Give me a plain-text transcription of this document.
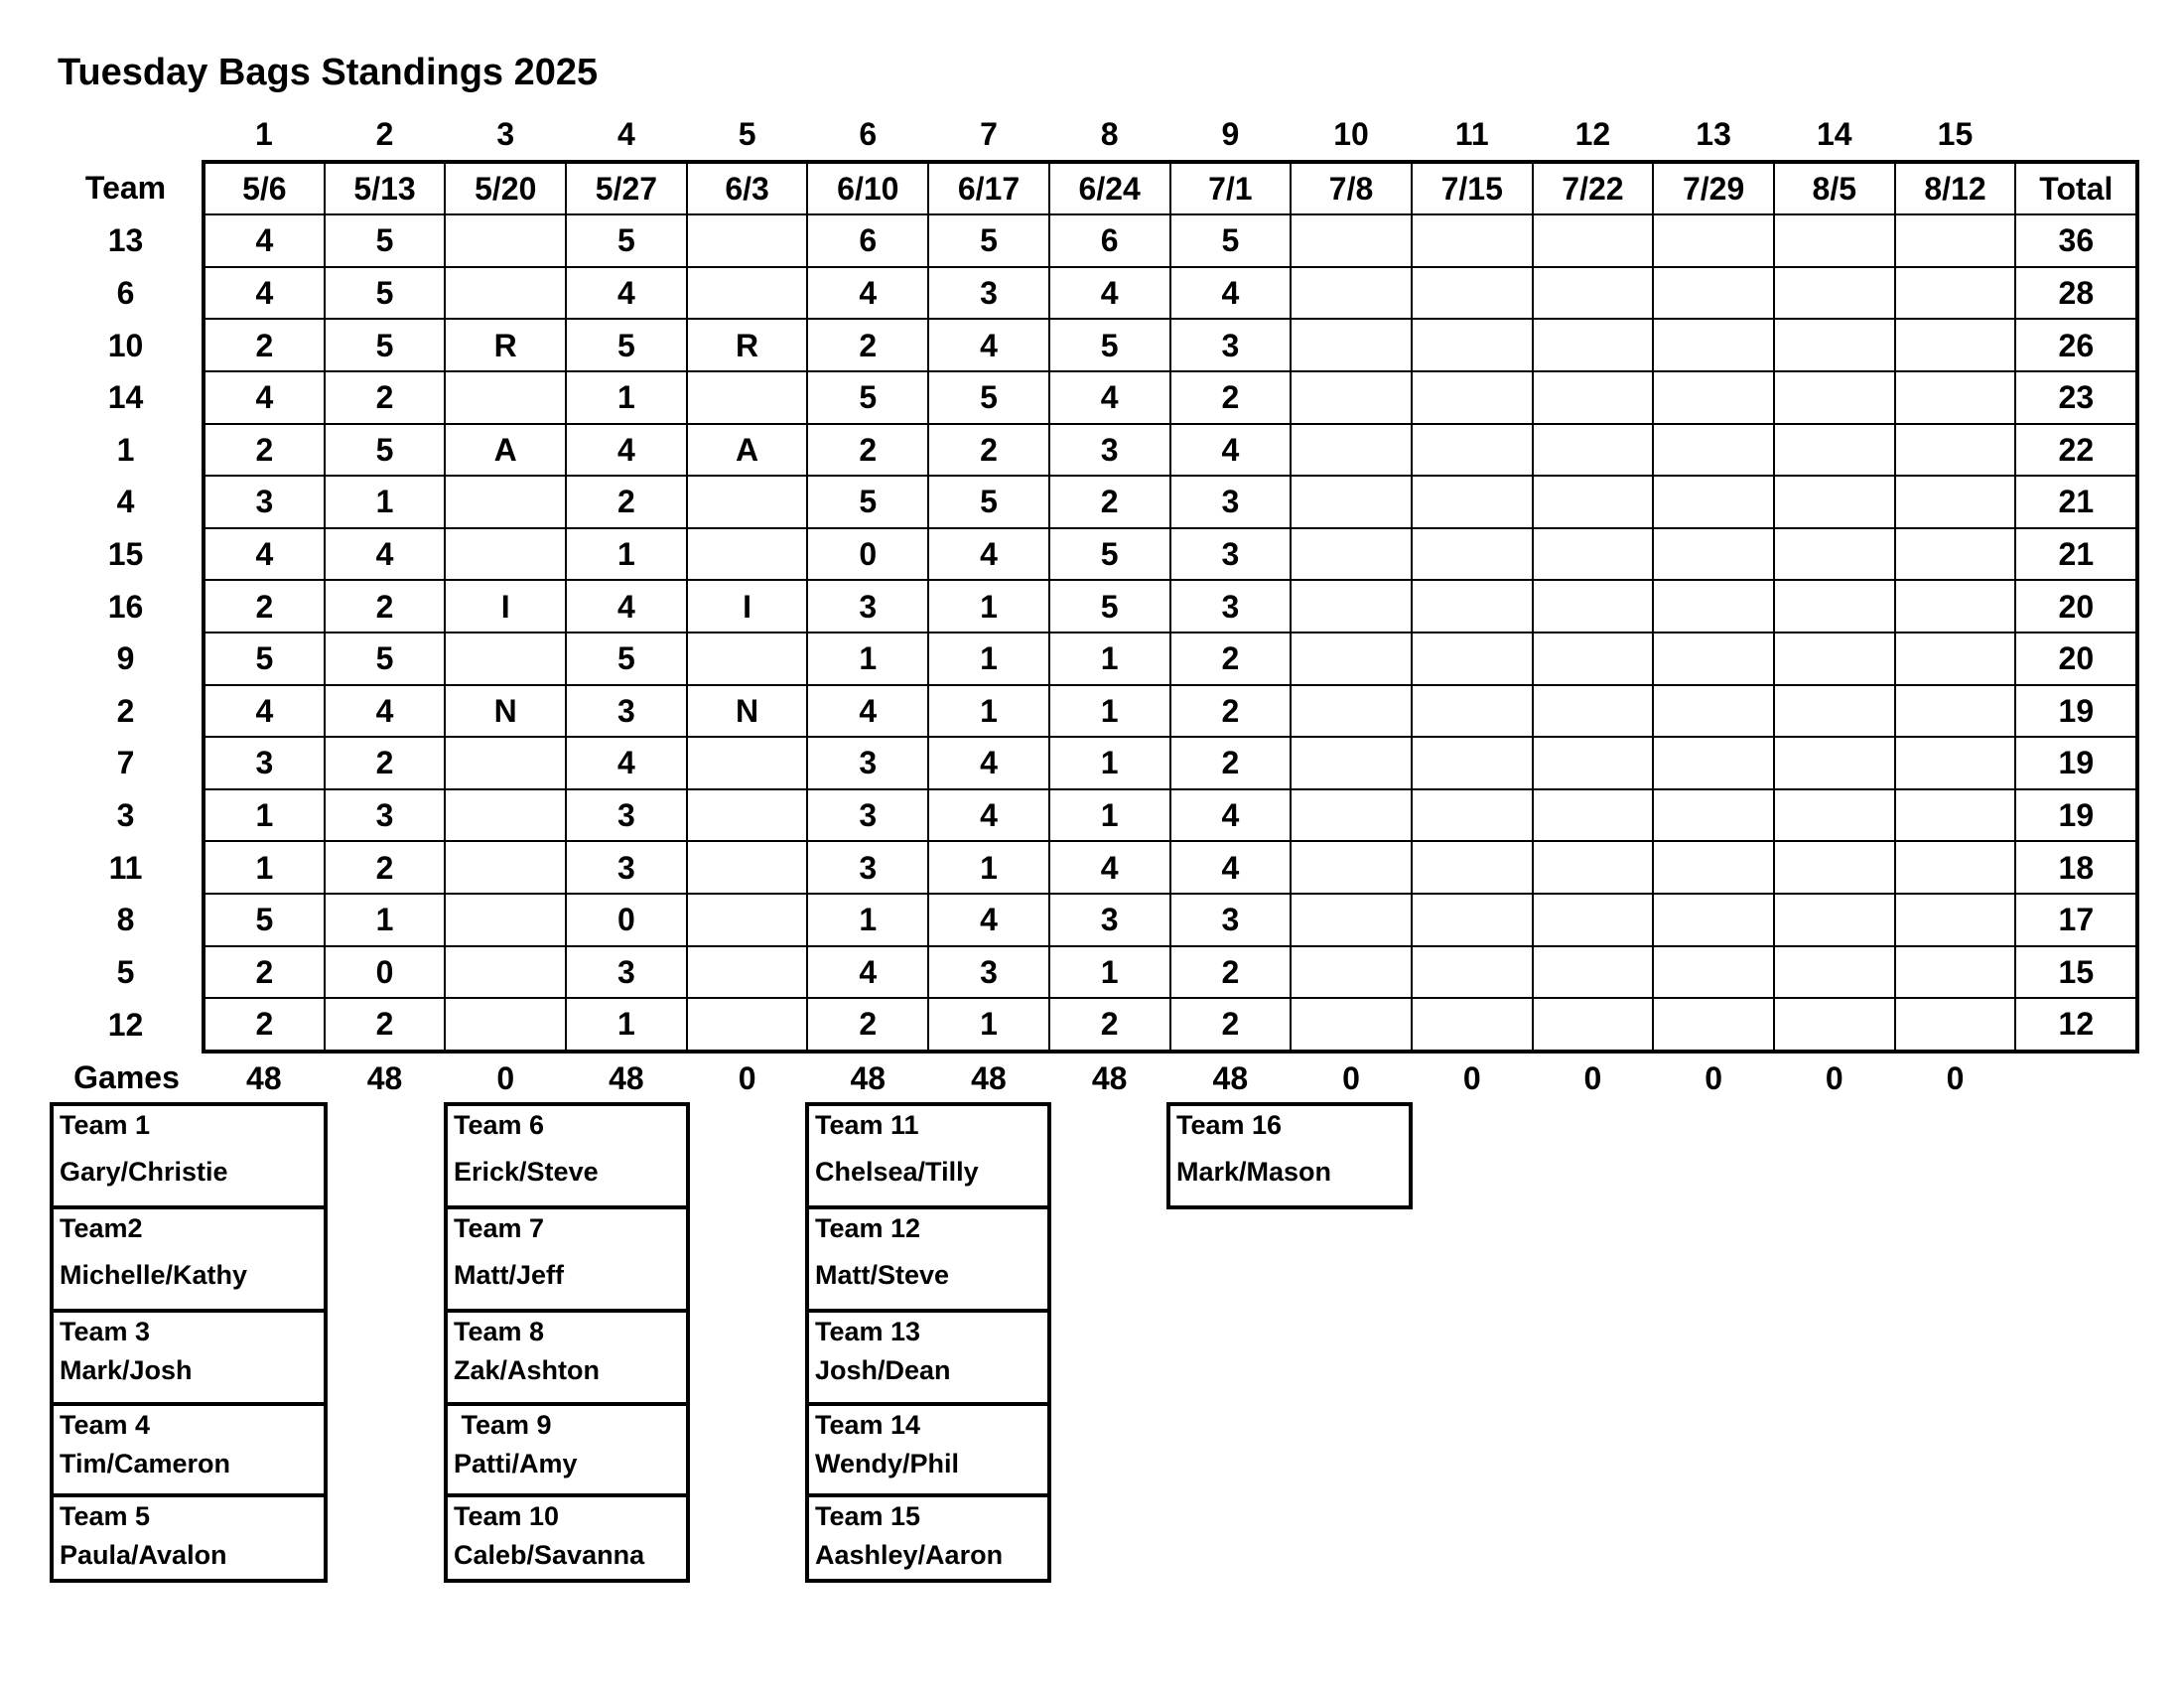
Tuesday Bags Standings 2025
	1	2	3	4	5	6	7	8	9	10	11	12	13	14	15	
Team	5/6	5/13	5/20	5/27	6/3	6/10	6/17	6/24	7/1	7/8	7/15	7/22	7/29	8/5	8/12	Total
13	4	5		5		6	5	6	5							36
6	4	5		4		4	3	4	4							28
10	2	5	R	5	R	2	4	5	3							26
14	4	2		1		5	5	4	2							23
1	2	5	A	4	A	2	2	3	4							22
4	3	1		2		5	5	2	3							21
15	4	4		1		0	4	5	3							21
16	2	2	I	4	I	3	1	5	3							20
9	5	5		5		1	1	1	2							20
2	4	4	N	3	N	4	1	1	2							19
7	3	2		4		3	4	1	2							19
3	1	3		3		3	4	1	4							19
11	1	2		3		3	1	4	4							18
8	5	1		0		1	4	3	3							17
5	2	0		3		4	3	1	2							15
12	2	2		1		2	1	2	2							12
Games	48	48	0	48	0	48	48	48	48	0	0	0	0	0	0	
Team 1
Gary/Christie
Team2
Michelle/Kathy
Team 3
Mark/Josh
Team 4
Tim/Cameron
Team 5
Paula/Avalon
Team 6
Erick/Steve
Team 7
Matt/Jeff
Team 8
Zak/Ashton
Team 9
Patti/Amy
Team 10
Caleb/Savanna
Team 11
Chelsea/Tilly
Team 12
Matt/Steve
Team 13
Josh/Dean
Team 14
Wendy/Phil
Team 15
Aashley/Aaron
Team 16
Mark/Mason
